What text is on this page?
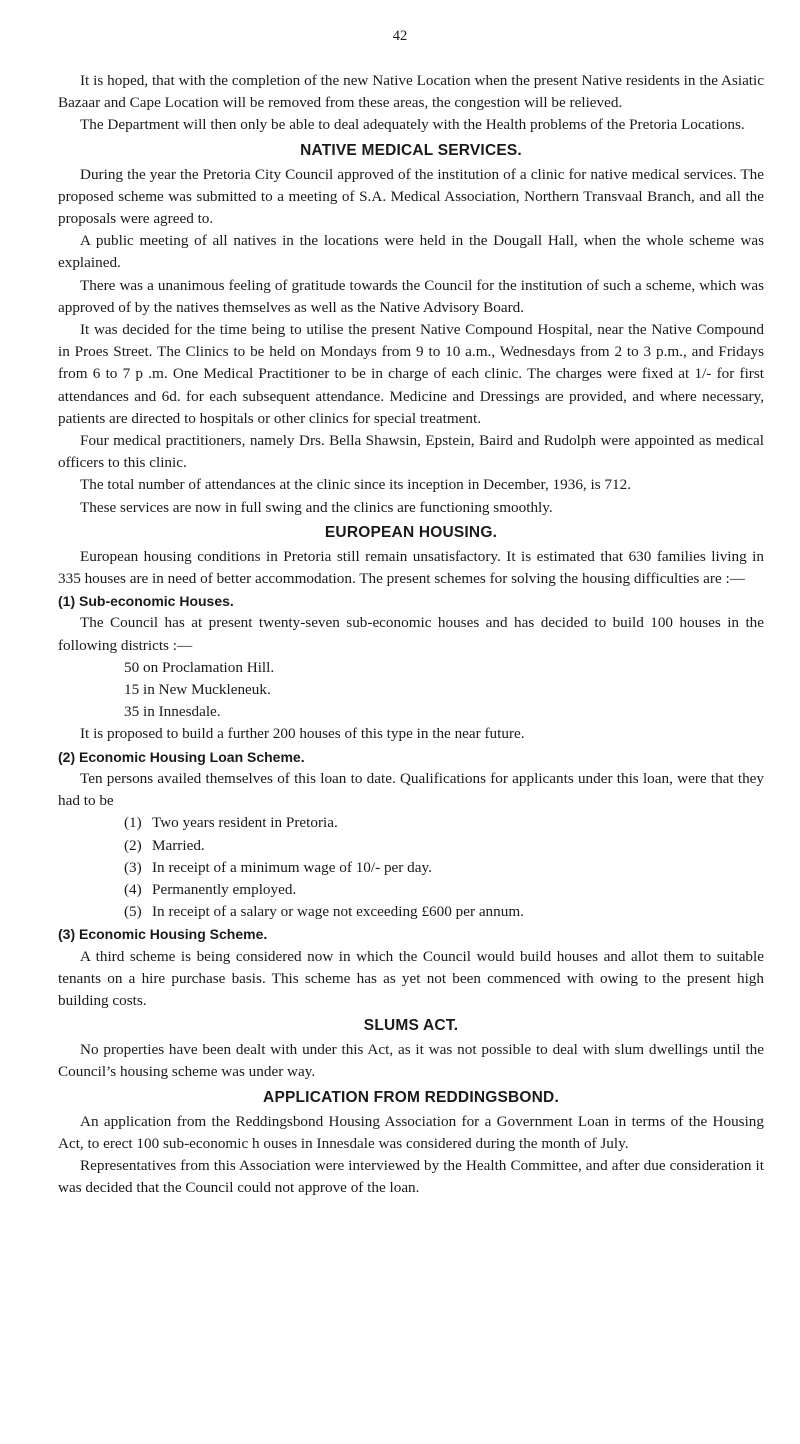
42

It is hoped, that with the completion of the new Native Location when the present Native residents in the Asiatic Bazaar and Cape Location will be removed from these areas, the congestion will be relieved.

The Department will then only be able to deal adequately with the Health problems of the Pretoria Locations.

NATIVE MEDICAL SERVICES.

During the year the Pretoria City Council approved of the institution of a clinic for native medical services. The proposed scheme was submitted to a meeting of S.A. Medical Association, Northern Transvaal Branch, and all the proposals were agreed to.

A public meeting of all natives in the locations were held in the Dougall Hall, when the whole scheme was explained.

There was a unanimous feeling of gratitude towards the Council for the institution of such a scheme, which was approved of by the natives themselves as well as the Native Advisory Board.

It was decided for the time being to utilise the present Native Compound Hospital, near the Native Compound in Proes Street. The Clinics to be held on Mondays from 9 to 10 a.m., Wednesdays from 2 to 3 p.m., and Fridays from 6 to 7 p .m. One Medical Practitioner to be in charge of each clinic. The charges were fixed at 1/- for first attendances and 6d. for each subsequent attendance. Medicine and Dressings are provided, and where necessary, patients are directed to hospitals or other clinics for special treatment.

Four medical practitioners, namely Drs. Bella Shawsin, Epstein, Baird and Rudolph were appointed as medical officers to this clinic.

The total number of attendances at the clinic since its inception in December, 1936, is 712.

These services are now in full swing and the clinics are functioning smoothly.

EUROPEAN HOUSING.

European housing conditions in Pretoria still remain unsatisfactory. It is estimated that 630 families living in 335 houses are in need of better accommodation. The present schemes for solving the housing difficulties are :—

(1) Sub-economic Houses.

The Council has at present twenty-seven sub-economic houses and has decided to build 100 houses in the following districts :—

50 on Proclamation Hill.
15 in New Muckleneuk.
35 in Innesdale.

It is proposed to build a further 200 houses of this type in the near future.

(2) Economic Housing Loan Scheme.

Ten persons availed themselves of this loan to date. Qualifications for applicants under this loan, were that they had to be

(1) Two years resident in Pretoria.
(2) Married.
(3) In receipt of a minimum wage of 10/- per day.
(4) Permanently employed.
(5) In receipt of a salary or wage not exceeding £600 per annum.
(3) Economic Housing Scheme.

A third scheme is being considered now in which the Council would build houses and allot them to suitable tenants on a hire purchase basis. This scheme has as yet not been commenced with owing to the present high building costs.

SLUMS ACT.

No properties have been dealt with under this Act, as it was not possible to deal with slum dwellings until the Council’s housing scheme was under way.

APPLICATION FROM REDDINGSBOND.

An application from the Reddingsbond Housing Association for a Government Loan in terms of the Housing Act, to erect 100 sub-economic h ouses in Innesdale was considered during the month of July.

Representatives from this Association were interviewed by the Health Committee, and after due consideration it was decided that the Council could not approve of the loan.
